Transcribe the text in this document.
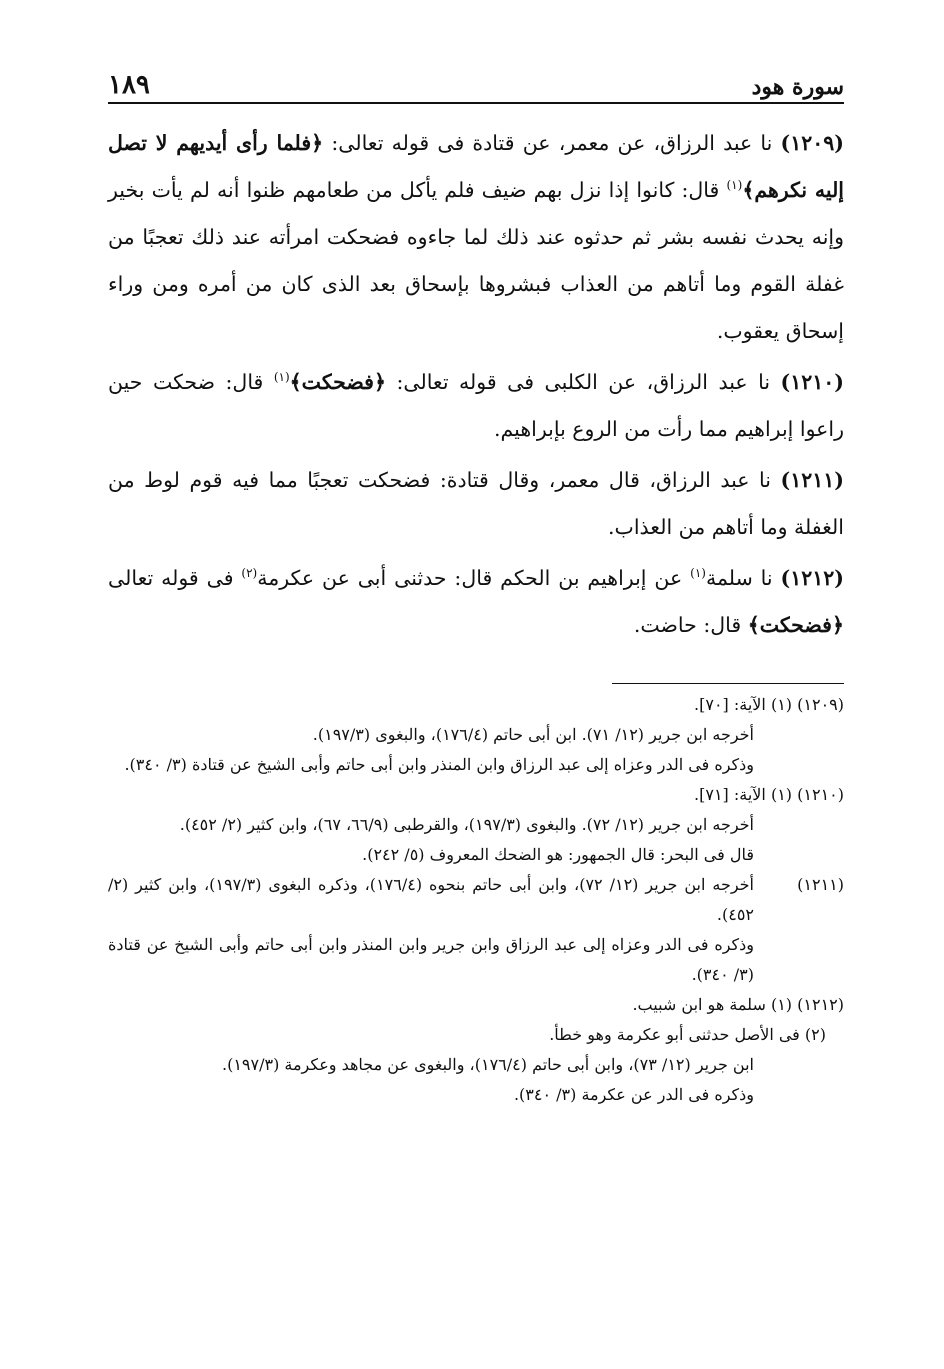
سورة هود
١٨٩

(١٢٠٩) نا عبد الرزاق، عن معمر، عن قتادة فى قوله تعالى: ﴿فلما رأى أيديهم لا تصل إليه نكرهم﴾$^{(١)}$ قال: كانوا إذا نزل بهم ضيف فلم يأكل من طعامهم ظنوا أنه لم يأت بخير وإنه يحدث نفسه بشر ثم حدثوه عند ذلك لما جاءوه فضحكت امرأته عند ذلك تعجبًا من غفلة القوم وما أتاهم من العذاب فبشروها بإسحاق بعد الذى كان من أمره ومن وراء إسحاق يعقوب.

(١٢١٠) نا عبد الرزاق، عن الكلبى فى قوله تعالى: ﴿فضحكت﴾$^{(١)}$ قال: ضحكت حين راعوا إبراهيم مما رأت من الروع بإبراهيم.

(١٢١١) نا عبد الرزاق، قال معمر، وقال قتادة: فضحكت تعجبًا مما فيه قوم لوط من الغفلة وما أتاهم من العذاب.

(١٢١٢) نا سلمة$^{(١)}$ عن إبراهيم بن الحكم قال: حدثنى أبى عن عكرمة$^{(٢)}$ فى قوله تعالى ﴿فضحكت﴾ قال: حاضت.

(١٢٠٩) (١) الآية: [٧٠].

أخرجه ابن جرير (١٢/ ٧١). ابن أبى حاتم (١٧٦/٤)، والبغوى (١٩٧/٣).

وذكره فى الدر وعزاه إلى عبد الرزاق وابن المنذر وابن أبى حاتم وأبى الشيخ عن قتادة (٣/ ٣٤٠).

(١٢١٠) (١) الآية: [٧١].

أخرجه ابن جرير (١٢/ ٧٢). والبغوى (١٩٧/٣)، والقرطبى (٦٦/٩، ٦٧)، وابن كثير (٢/ ٤٥٢).

قال فى البحر: قال الجمهور: هو الضحك المعروف (٥/ ٢٤٢).

(١٢١١)

أخرجه ابن جرير (١٢/ ٧٢)، وابن أبى حاتم بنحوه (١٧٦/٤)، وذكره البغوى (١٩٧/٣)، وابن كثير (٢/ ٤٥٢).

وذكره فى الدر وعزاه إلى عبد الرزاق وابن جرير وابن المنذر وابن أبى حاتم وأبى الشيخ عن قتادة (٣/ ٣٤٠).

(١٢١٢) (١) سلمة هو ابن شبيب.

(٢) فى الأصل حدثنى أبو عكرمة وهو خطأ.

ابن جرير (١٢/ ٧٣)، وابن أبى حاتم (١٧٦/٤)، والبغوى عن مجاهد وعكرمة (١٩٧/٣).

وذكره فى الدر عن عكرمة (٣/ ٣٤٠).
